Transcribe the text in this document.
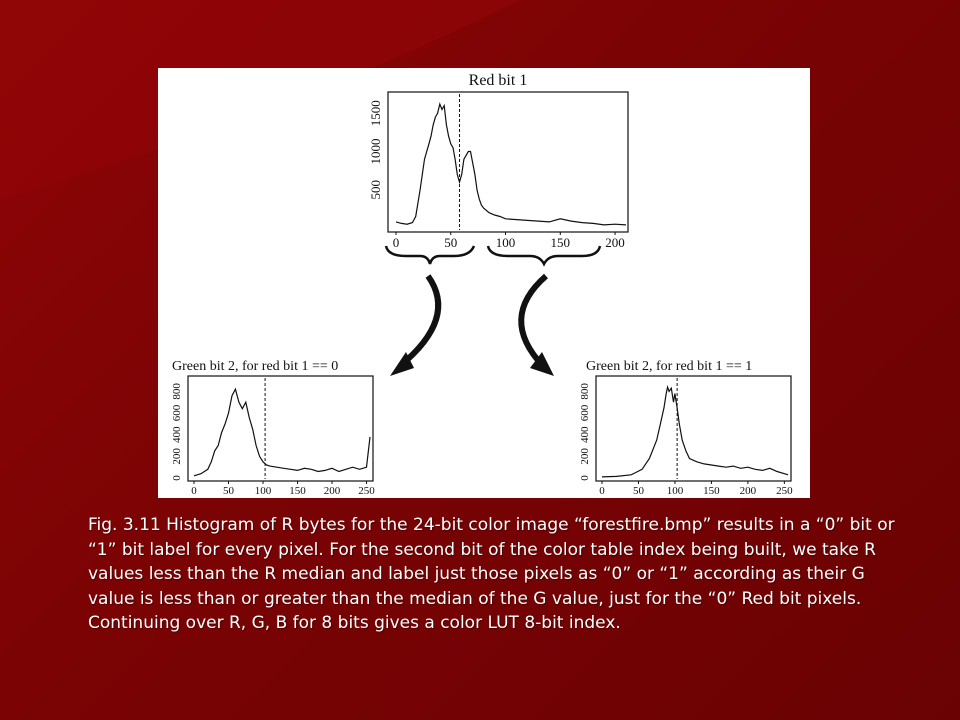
Red bit 1
500
1000
1500
0	50	100	150	200
Green bit 2, for red bit 1 == 0
0
200
400
600
800
0 50 100 150 200 250
Green bit 2, for red bit 1 == 1
0
200
400
600
800
0	50 100 150 200 250
Fig. 3.11 Histogram of R bytes for the 24-bit color image “forestfire.bmp” results in a “0” bit or “1” bit label for every pixel. For the second bit of the color table index being built, we take R values less than the R median and label just those pixels as “0” or “1” according as their G value is less than or greater than the median of the G value, just for the “0” Red bit pixels. Continuing over R, G, B for 8 bits gives a color LUT 8-bit index.
